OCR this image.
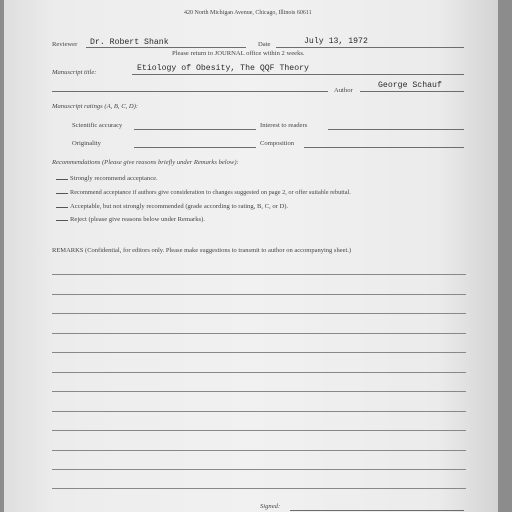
420 North Michigan Avenue, Chicago, Illinois 60611
Reviewer Dr. Robert Shank	Date	July 13, 1972
Please return to JOURNAL office within 2 weeks.
Manuscript title:	Etiology of Obesity, The QQF Theory
Author
George Schauf
Manuscript ratings (A, B, C, D):
Scientific accuracy	Interest to readers
Originality	Composition
Recommendations (Please give reasons briefly under Remarks below):
Strongly recommend acceptance.
Recommend acceptance if authors give consideration to changes suggested on page 2, or offer suitable rebuttal.
Acceptable, but not strongly recommended (grade according to rating, B, C, or D).
Reject (please give reasons below under Remarks).
REMARKS (Confidential, for editors only. Please make suggestions to transmit to author on accompanying sheet.)
Signed:
